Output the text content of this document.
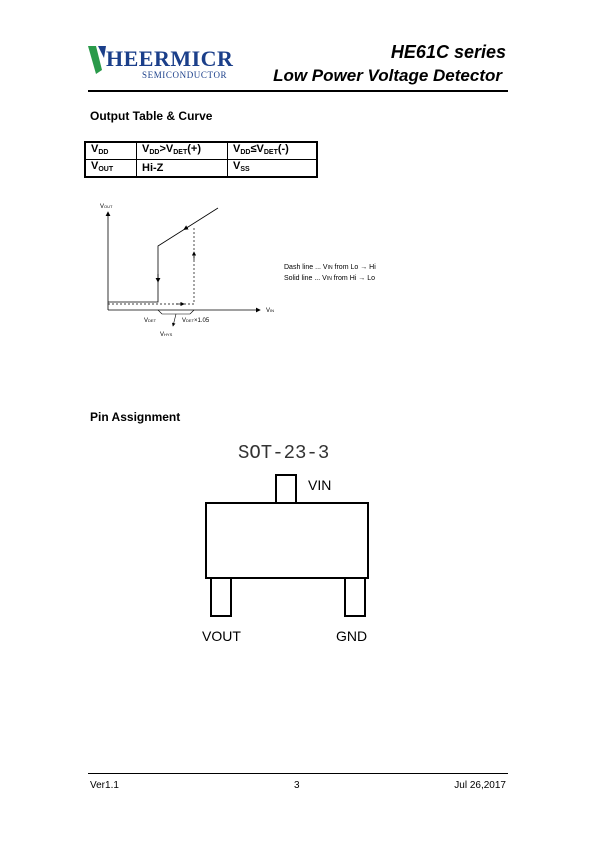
HEERMICR
SEMICONDUCTOR
HE61C series
Low Power Voltage Detector
Output Table & Curve
$V_{DD}$	$V_{DD}>V_{DET}(+)$	$V_{DD}\le V_{DET}(-)$
$V_{OUT}$	Hi-Z	$V_{SS}$
VOUT
VIN
VDET	VDET×1.05
VHYS
Dash line ... VIN from Lo → Hi
Solid line ... VIN from Hi → Lo
Pin Assignment
SOT-23-3
VIN
VOUT	GND
Ver1.1	3	Jul 26,2017
